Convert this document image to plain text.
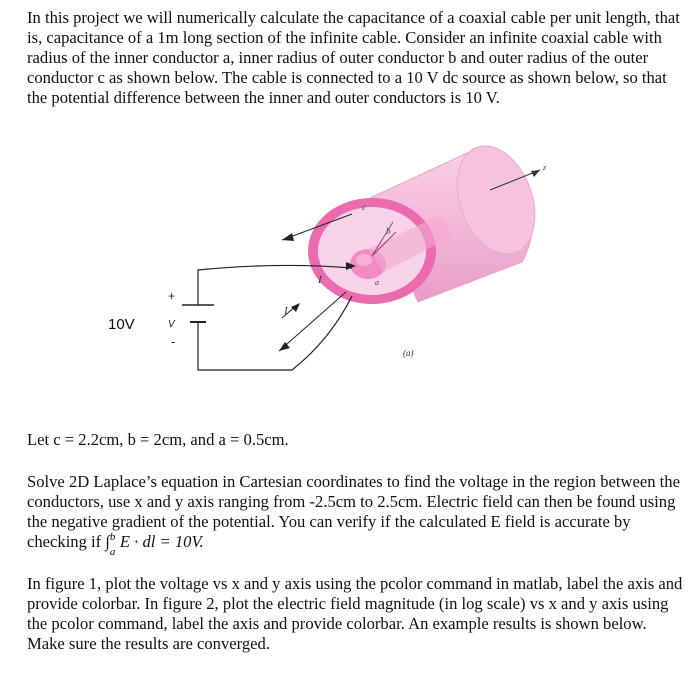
In this project we will numerically calculate the capacitance of a coaxial cable per unit length, that is, capacitance of a 1m long section of the infinite cable. Consider an infinite coaxial cable with radius of the inner conductor a, inner radius of outer conductor b and outer radius of the outer conductor c as shown below. The cable is connected to a 10 V dc source as shown below, so that the potential difference between the inner and outer conductors is 10 V.

c
b
a
z
I
I
+
V
-
10V
(a)

Let c = 2.2cm, b = 2cm, and a = 0.5cm.

Solve 2D Laplace’s equation in Cartesian coordinates to find the voltage in the region between the conductors, use x and y axis ranging from -2.5cm to 2.5cm. Electric field can then be found using the negative gradient of the potential. You can verify if the calculated E field is accurate by checking if ∫ b
a
E · dl = 10V.

In figure 1, plot the voltage vs x and y axis using the pcolor command in matlab, label the axis and provide colorbar. In figure 2, plot the electric field magnitude (in log scale) vs x and y axis using the pcolor command, label the axis and provide colorbar. An example results is shown below. Make sure the results are converged.
